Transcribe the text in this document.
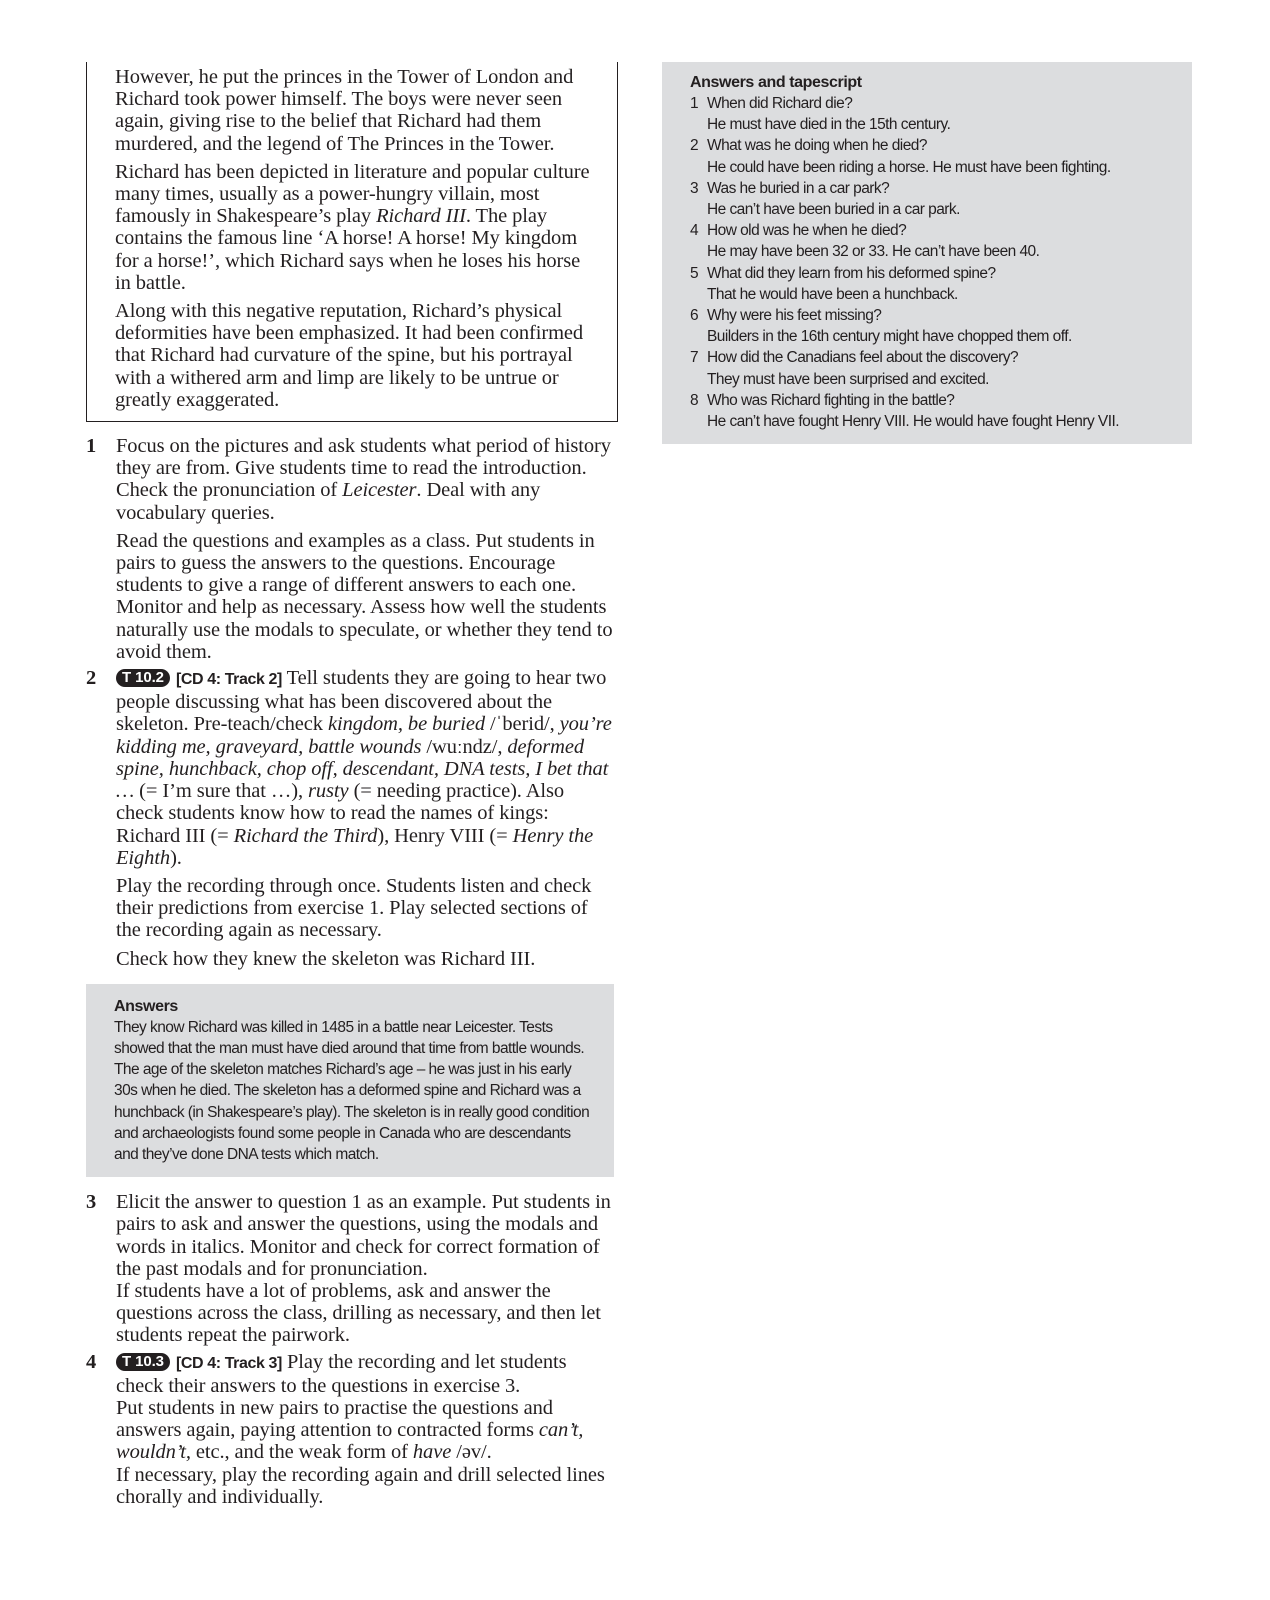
However, he put the princes in the Tower of London and Richard took power himself. The boys were never seen again, giving rise to the belief that Richard had them murdered, and the legend of The Princes in the Tower.

Richard has been depicted in literature and popular culture many times, usually as a power-hungry villain, most famously in Shakespeare’s play Richard III. The play contains the famous line ‘A horse! A horse! My kingdom for a horse!’, which Richard says when he loses his horse in battle.

Along with this negative reputation, Richard’s physical deformities have been emphasized. It had been confirmed that Richard had curvature of the spine, but his portrayal with a withered arm and limp are likely to be untrue or greatly exaggerated.

1 Focus on the pictures and ask students what period of history they are from. Give students time to read the introduction. Check the pronunciation of Leicester. Deal with any vocabulary queries.

Read the questions and examples as a class. Put students in pairs to guess the answers to the questions. Encourage students to give a range of different answers to each one. Monitor and help as necessary. Assess how well the students naturally use the modals to speculate, or whether they tend to avoid them.

2	T 10.2 [CD 4: Track 2] Tell students they are going to hear two people discussing what has been discovered about the skeleton. Pre-teach/check kingdom, be buried /ˈberid/, you’re kidding me, graveyard, battle wounds /wuːndz/, deformed spine, hunchback, chop off, descendant, DNA tests, I bet that … (= I’m sure that …), rusty (= needing practice). Also check students know how to read the names of kings: Richard III (= Richard the Third), Henry VIII (= Henry the Eighth).

Play the recording through once. Students listen and check their predictions from exercise 1. Play selected sections of the recording again as necessary.

Check how they knew the skeleton was Richard III.

Answers
They know Richard was killed in 1485 in a battle near Leicester. Tests showed that the man must have died around that time from battle wounds. The age of the skeleton matches Richard’s age – he was just in his early 30s when he died. The skeleton has a deformed spine and Richard was a hunchback (in Shakespeare’s play). The skeleton is in really good condition and archaeologists found some people in Canada who are descendants and they’ve done DNA tests which match.
3 Elicit the answer to question 1 as an example. Put students in pairs to ask and answer the questions, using the modals and words in italics. Monitor and check for correct formation of the past modals and for pronunciation.

If students have a lot of problems, ask and answer the questions across the class, drilling as necessary, and then let students repeat the pairwork.

4	T 10.3 [CD 4: Track 3] Play the recording and let students check their answers to the questions in exercise 3.

Put students in new pairs to practise the questions and answers again, paying attention to contracted forms can’t, wouldn’t, etc., and the weak form of have /əv/.

If necessary, play the recording again and drill selected lines chorally and individually.

Answers and tapescript
1 When did Richard die?
He must have died in the 15th century.
2 What was he doing when he died?
He could have been riding a horse. He must have been fighting.
3 Was he buried in a car park?
He can’t have been buried in a car park.
4 How old was he when he died?
He may have been 32 or 33. He can’t have been 40.
5 What did they learn from his deformed spine?
That he would have been a hunchback.
6 Why were his feet missing?
Builders in the 16th century might have chopped them off.
7 How did the Canadians feel about the discovery?
They must have been surprised and excited.
8 Who was Richard fighting in the battle?
He can’t have fought Henry VIII. He would have fought Henry VII.
